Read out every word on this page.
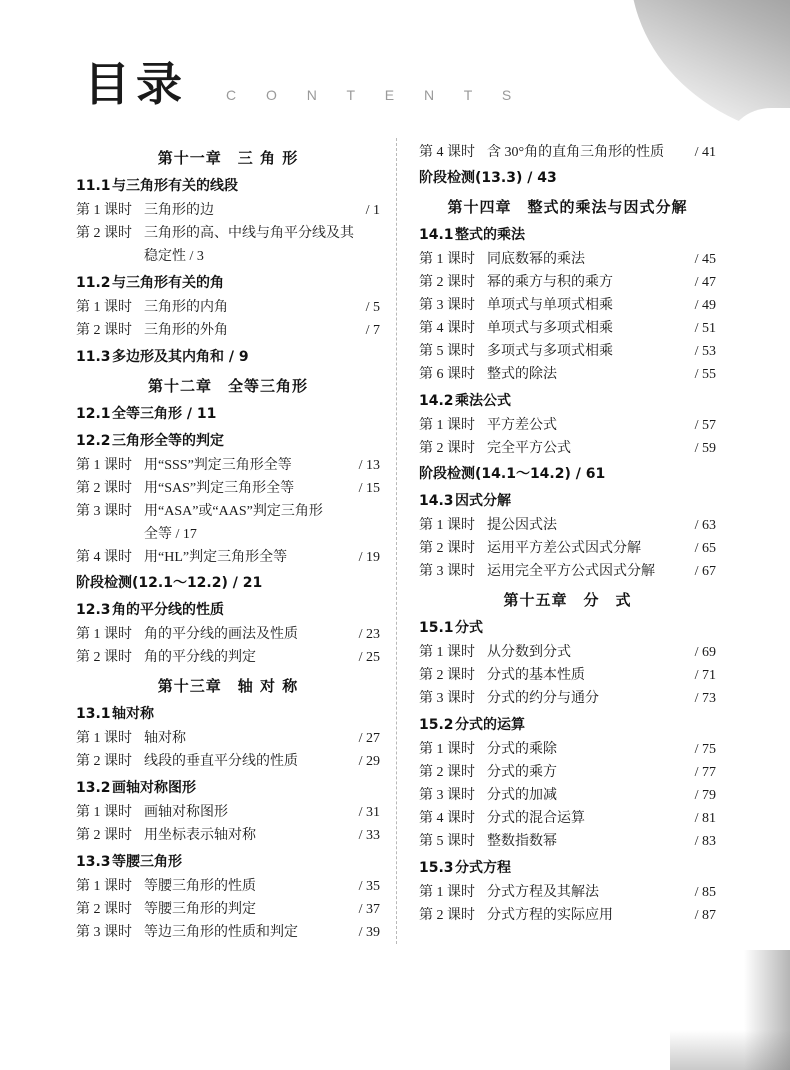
目录	C O N T E N T S
第十一章　三 角 形
11.1与三角形有关的线段
第 1 课时 三角形的边	/ 1
第 2 课时 三角形的高、中线与角平分线及其
稳定性 / 3
11.2与三角形有关的角
第 1 课时 三角形的内角	/ 5
第 2 课时 三角形的外角	/ 7
11.3多边形及其内角和 / 9
第十二章　全等三角形
12.1全等三角形 / 11
12.2三角形全等的判定
第 1 课时 用“SSS”判定三角形全等	/ 13
第 2 课时 用“SAS”判定三角形全等	/ 15
第 3 课时 用“ASA”或“AAS”判定三角形
全等 / 17
第 4 课时 用“HL”判定三角形全等	/ 19
阶段检测(12.1～12.2) / 21
12.3角的平分线的性质
第 1 课时 角的平分线的画法及性质	/ 23
第 2 课时 角的平分线的判定	/ 25
第十三章　轴 对 称
13.1轴对称
第 1 课时 轴对称	/ 27
第 2 课时 线段的垂直平分线的性质	/ 29
13.2画轴对称图形
第 1 课时 画轴对称图形	/ 31
第 2 课时 用坐标表示轴对称	/ 33
13.3等腰三角形
第 1 课时 等腰三角形的性质	/ 35
第 2 课时 等腰三角形的判定	/ 37
第 3 课时 等边三角形的性质和判定	/ 39
第 4 课时 含 30°角的直角三角形的性质	/ 41
阶段检测(13.3) / 43
第十四章　整式的乘法与因式分解
14.1整式的乘法
第 1 课时 同底数幂的乘法	/ 45
第 2 课时 幂的乘方与积的乘方	/ 47
第 3 课时 单项式与单项式相乘	/ 49
第 4 课时 单项式与多项式相乘	/ 51
第 5 课时 多项式与多项式相乘	/ 53
第 6 课时 整式的除法	/ 55
14.2乘法公式
第 1 课时 平方差公式	/ 57
第 2 课时 完全平方公式	/ 59
阶段检测(14.1～14.2) / 61
14.3因式分解
第 1 课时 提公因式法	/ 63
第 2 课时 运用平方差公式因式分解	/ 65
第 3 课时 运用完全平方公式因式分解	/ 67
第十五章　分　式
15.1分式
第 1 课时 从分数到分式	/ 69
第 2 课时 分式的基本性质	/ 71
第 3 课时 分式的约分与通分	/ 73
15.2分式的运算
第 1 课时 分式的乘除	/ 75
第 2 课时 分式的乘方	/ 77
第 3 课时 分式的加减	/ 79
第 4 课时 分式的混合运算	/ 81
第 5 课时 整数指数幂	/ 83
15.3分式方程
第 1 课时 分式方程及其解法	/ 85
第 2 课时 分式方程的实际应用	/ 87
